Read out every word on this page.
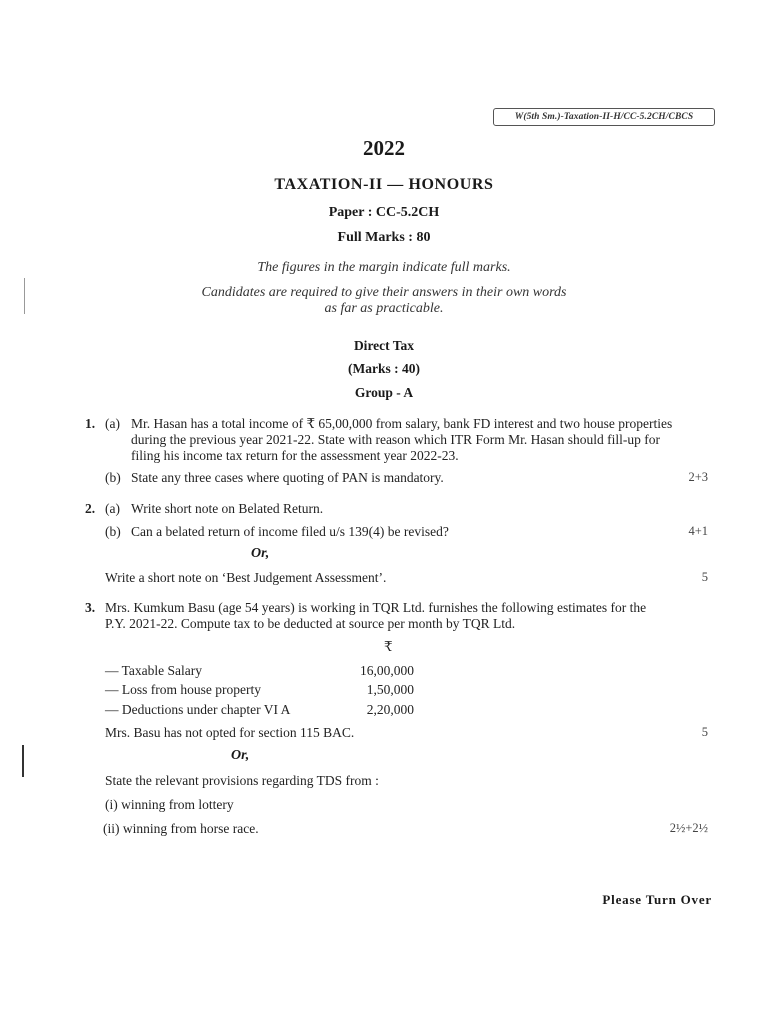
W(5th Sm.)-Taxation-II-H/CC-5.2CH/CBCS
2022
TAXATION-II — HONOURS
Paper : CC-5.2CH
Full Marks : 80
The figures in the margin indicate full marks.
Candidates are required to give their answers in their own words
as far as practicable.
Direct Tax
(Marks : 40)
Group - A
1. (a) Mr. Hasan has a total income of ₹ 65,00,000 from salary, bank FD interest and two house properties
during the previous year 2021-22. State with reason which ITR Form Mr. Hasan should fill-up for
filing his income tax return for the assessment year 2022-23.
(b) State any three cases where quoting of PAN is mandatory.	2+3
2. (a) Write short note on Belated Return.
(b) Can a belated return of income filed u/s 139(4) be revised?	4+1
Or,
Write a short note on ‘Best Judgement Assessment’.	5
3. Mrs. Kumkum Basu (age 54 years) is working in TQR Ltd. furnishes the following estimates for the
P.Y. 2021-22. Compute tax to be deducted at source per month by TQR Ltd.
₹
— Taxable Salary	16,00,000
— Loss from house property	1,50,000
— Deductions under chapter VI A	2,20,000
Mrs. Basu has not opted for section 115 BAC.	5
Or,
State the relevant provisions regarding TDS from :
(i) winning from lottery
(ii) winning from horse race.	2½+2½
Please Turn Over
